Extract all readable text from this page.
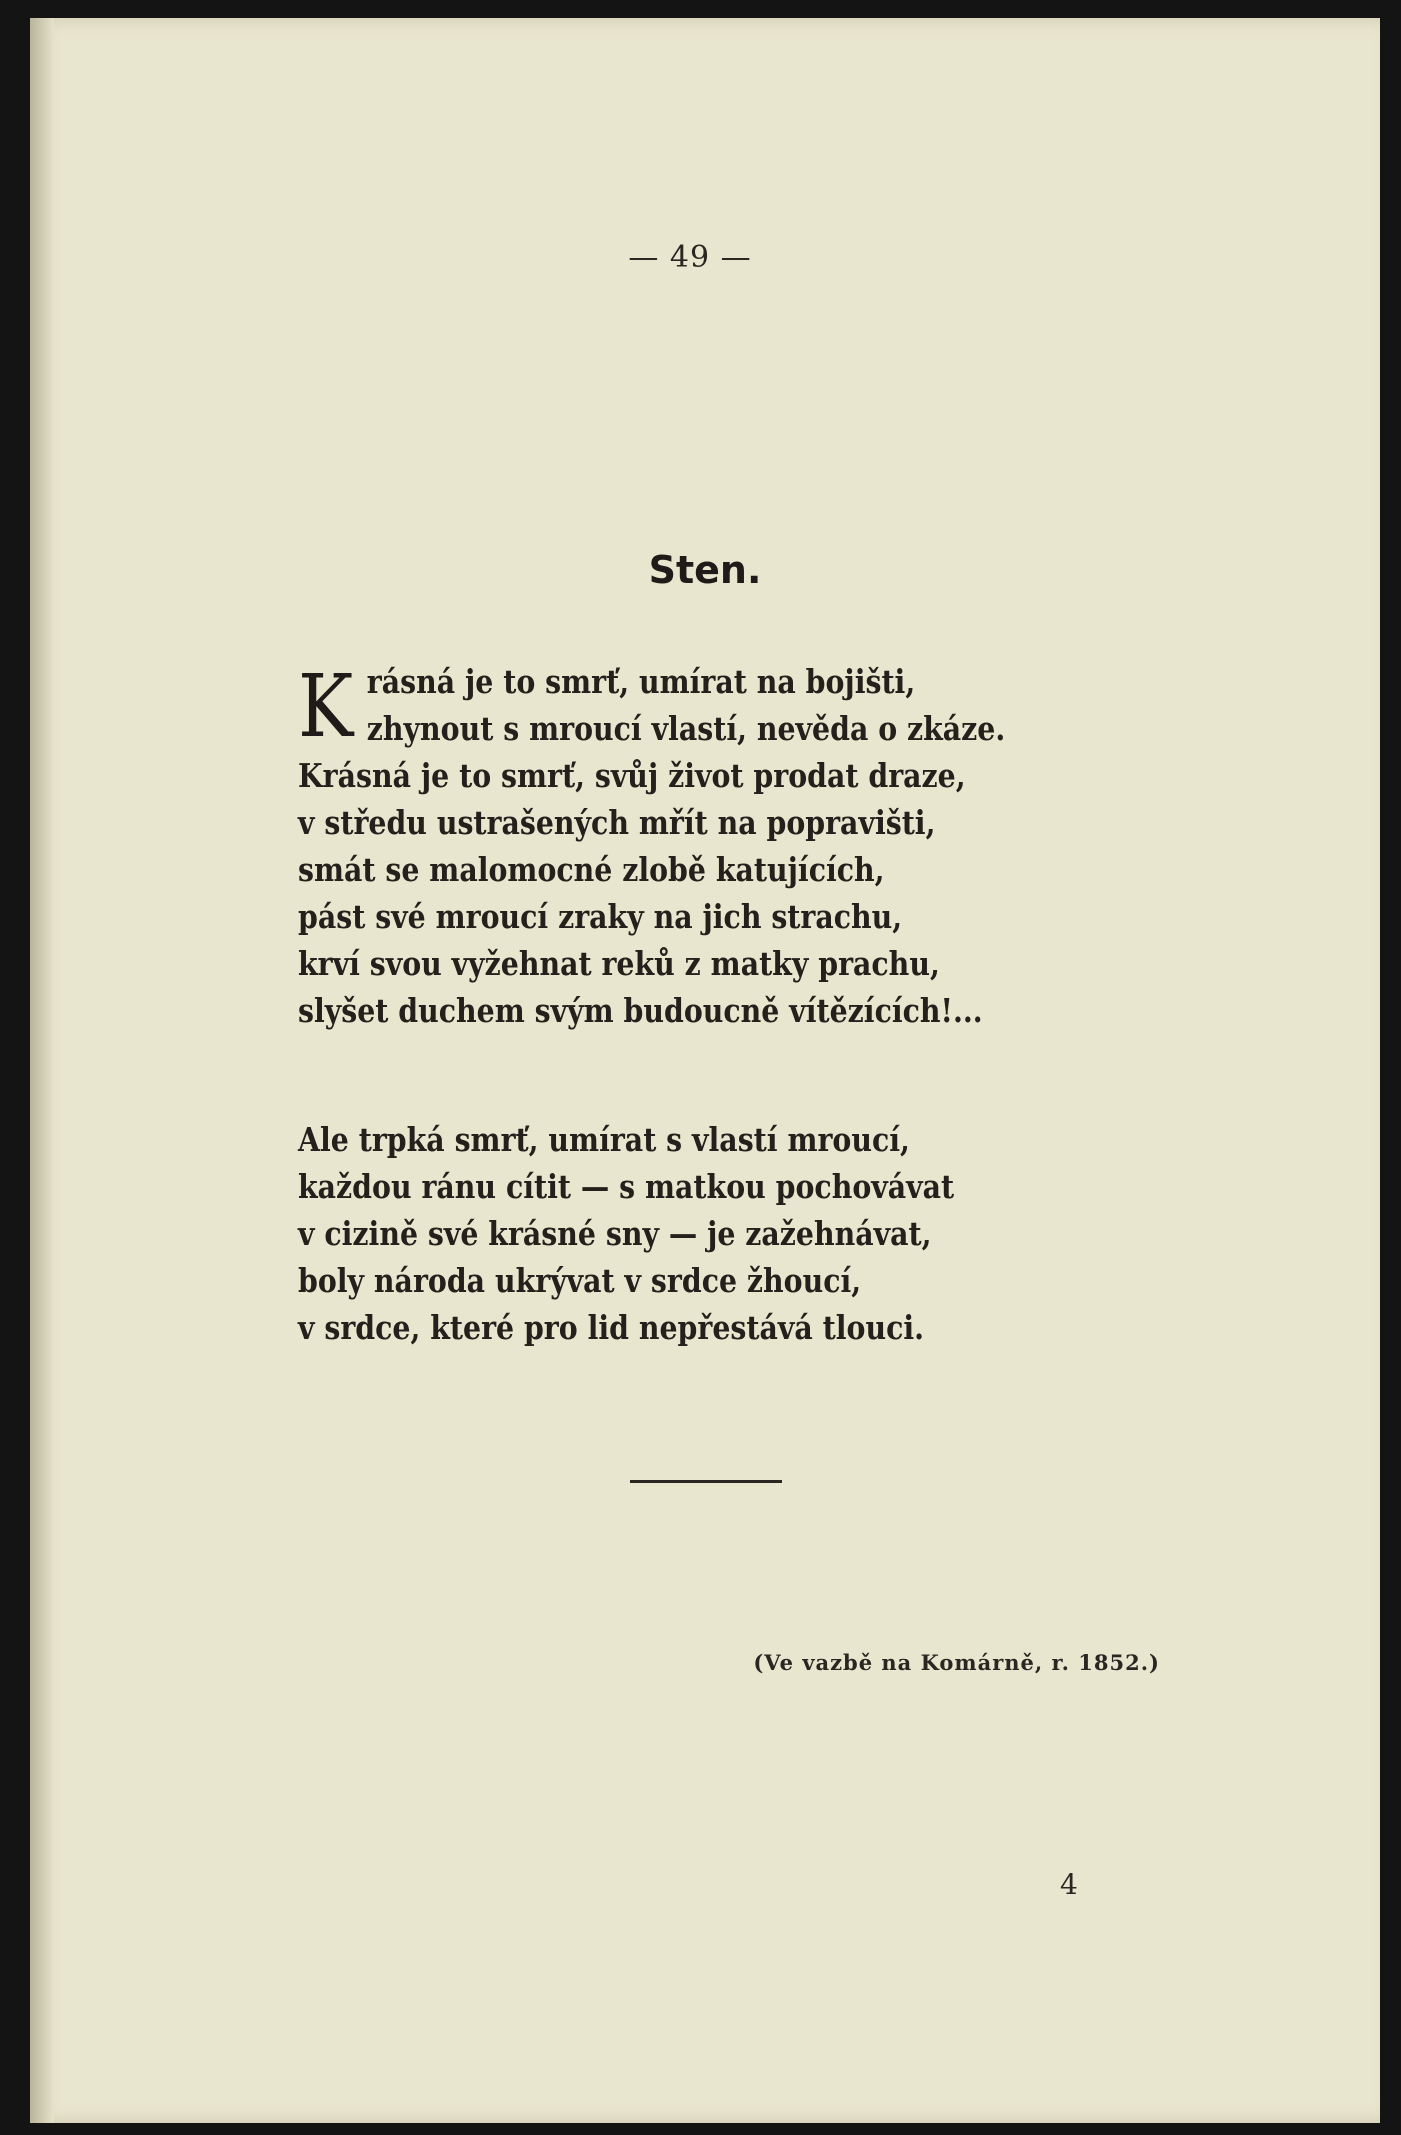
— 49 —
Sten.
K rásná je to smrť, umírat na bojišti,
zhynout s mroucí vlastí, nevěda o zkáze.
Krásná je to smrť, svůj život prodat draze,
v středu ustrašených mřít na popravišti,
smát se malomocné zlobě katujících,
pást své mroucí zraky na jich strachu,
krví svou vyžehnat reků z matky prachu,
slyšet duchem svým budoucně vítězících!...
Ale trpká smrť, umírat s vlastí mroucí,
každou ránu cítit — s matkou pochovávat
v cizině své krásné sny — je zažehnávat,
boly národa ukrývat v srdce žhoucí,
v srdce, které pro lid nepřestává tlouci.
(Ve vazbě na Komárně, r. 1852.)
4
